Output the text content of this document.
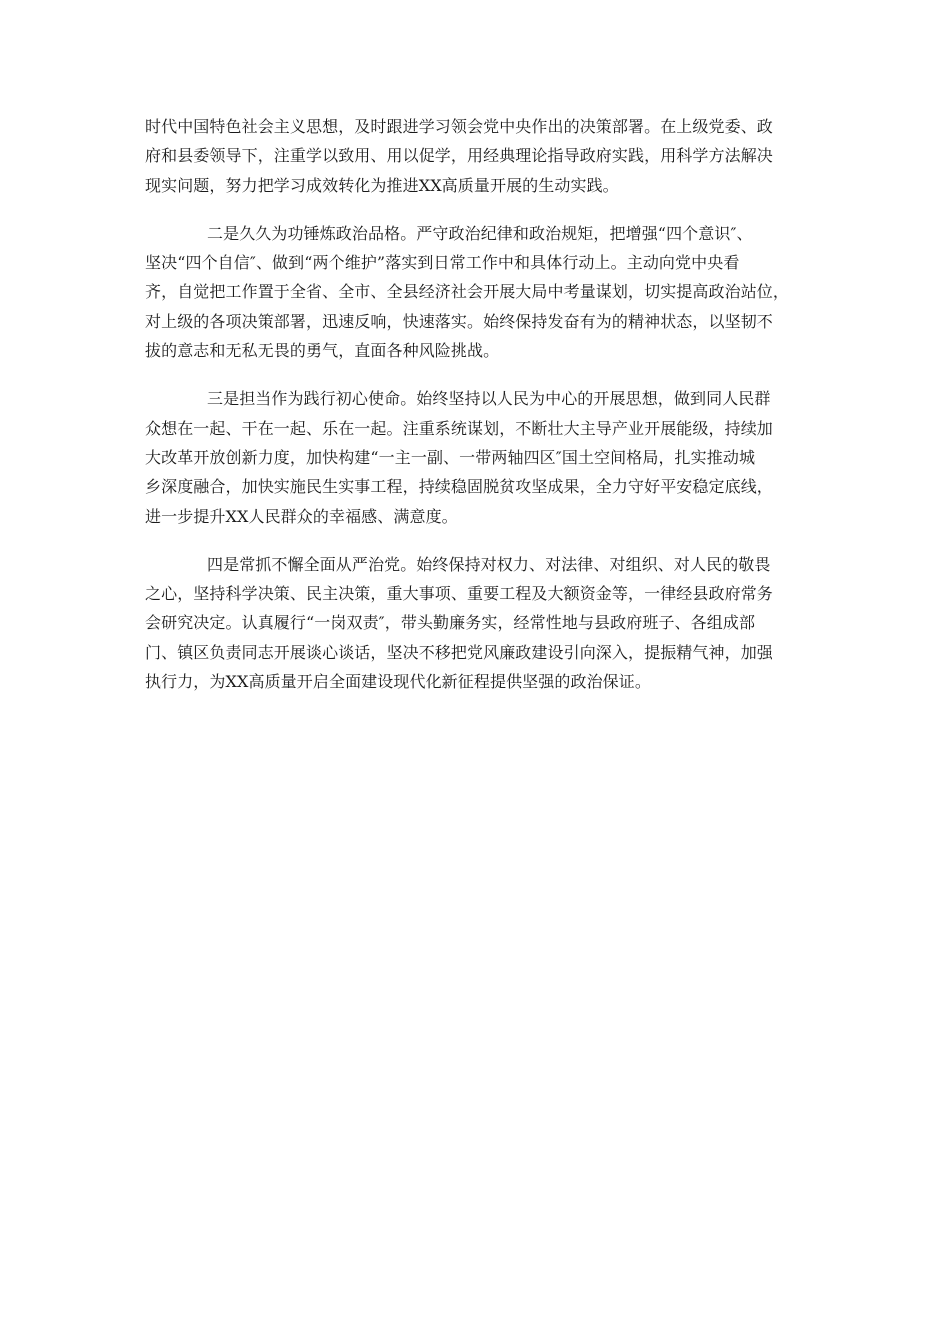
时代中国特色社会主义思想，及时跟进学习领会党中央作出的决策部署。在上级党委、政
府和县委领导下，注重学以致用、用以促学，用经典理论指导政府实践，用科学方法解决
现实问题，努力把学习成效转化为推进XX高质量开展的生动实践。

二是久久为功锤炼政治品格。严守政治纪律和政治规矩，把增强“四个意识″、
坚决“四个自信″、做到“两个维护”落实到日常工作中和具体行动上。主动向党中央看
齐，自觉把工作置于全省、全市、全县经济社会开展大局中考量谋划，切实提高政治站位，
对上级的各项决策部署，迅速反响，快速落实。始终保持发奋有为的精神状态，以坚韧不
拔的意志和无私无畏的勇气，直面各种风险挑战。

三是担当作为践行初心使命。始终坚持以人民为中心的开展思想，做到同人民群
众想在一起、干在一起、乐在一起。注重系统谋划，不断壮大主导产业开展能级，持续加
大改革开放创新力度，加快构建“一主一副、一带两轴四区″国土空间格局，扎实推动城
乡深度融合，加快实施民生实事工程，持续稳固脱贫攻坚成果，全力守好平安稳定底线，
进一步提升XX人民群众的幸福感、满意度。

四是常抓不懈全面从严治党。始终保持对权力、对法律、对组织、对人民的敬畏
之心，坚持科学决策、民主决策，重大事项、重要工程及大额资金等，一律经县政府常务
会研究决定。认真履行“一岗双责″，带头勤廉务实，经常性地与县政府班子、各组成部
门、镇区负责同志开展谈心谈话，坚决不移把党风廉政建设引向深入，提振精气神，加强
执行力，为XX高质量开启全面建设现代化新征程提供坚强的政治保证。
